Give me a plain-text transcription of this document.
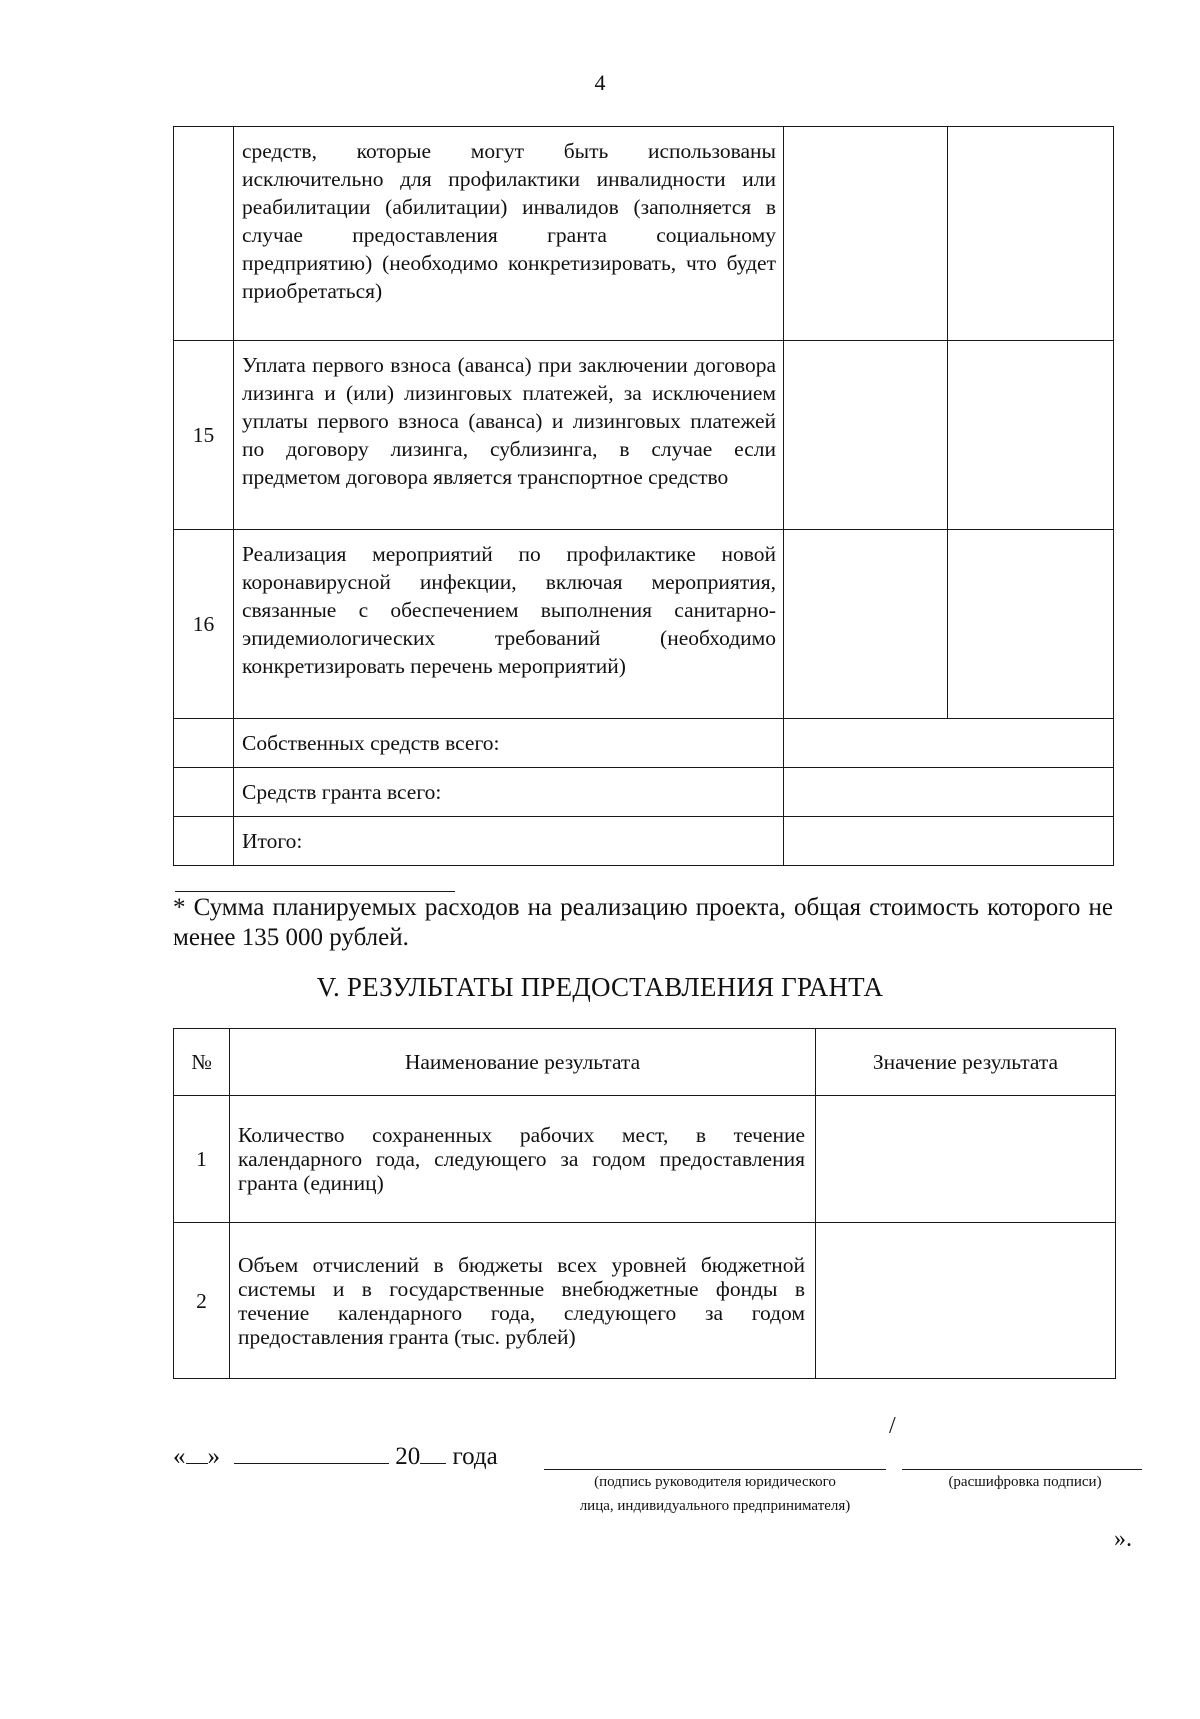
4
	средств, которые могут быть использованы исключительно для профилактики инвалидности или реабилитации (абилитации) инвалидов (заполняется в случае предоставления гранта социальному предприятию) (необходимо конкретизировать, что будет приобретаться)		
15	Уплата первого взноса (аванса) при заключении договора лизинга и (или) лизинговых платежей, за исключением уплаты первого взноса (аванса) и лизинговых платежей по договору лизинга, сублизинга, в случае если предметом договора является транспортное средство		
16	Реализация мероприятий по профилактике новой коронавирусной инфекции, включая мероприятия, связанные с обеспечением выполнения санитарно-эпидемиологических требований (необходимо конкретизировать перечень мероприятий)		
	Собственных средств всего:		
	Средств гранта всего:		
	Итого:		
* Сумма планируемых расходов на реализацию проекта, общая стоимость которого не менее 135 000 рублей.
V. РЕЗУЛЬТАТЫ ПРЕДОСТАВЛЕНИЯ ГРАНТА
№	Наименование результата	Значение результата
1	Количество сохраненных рабочих мест, в течение календарного года, следующего за годом предоставления гранта (единиц)	
2	Объем отчислений в бюджеты всех уровней бюджетной системы и в государственные внебюджетные фонды в течение календарного года, следующего за годом предоставления гранта (тыс. рублей)	
/
« »	20 года
(подпись руководителя юридического
лица, индивидуального предпринимателя)
(расшифровка подписи)
».
